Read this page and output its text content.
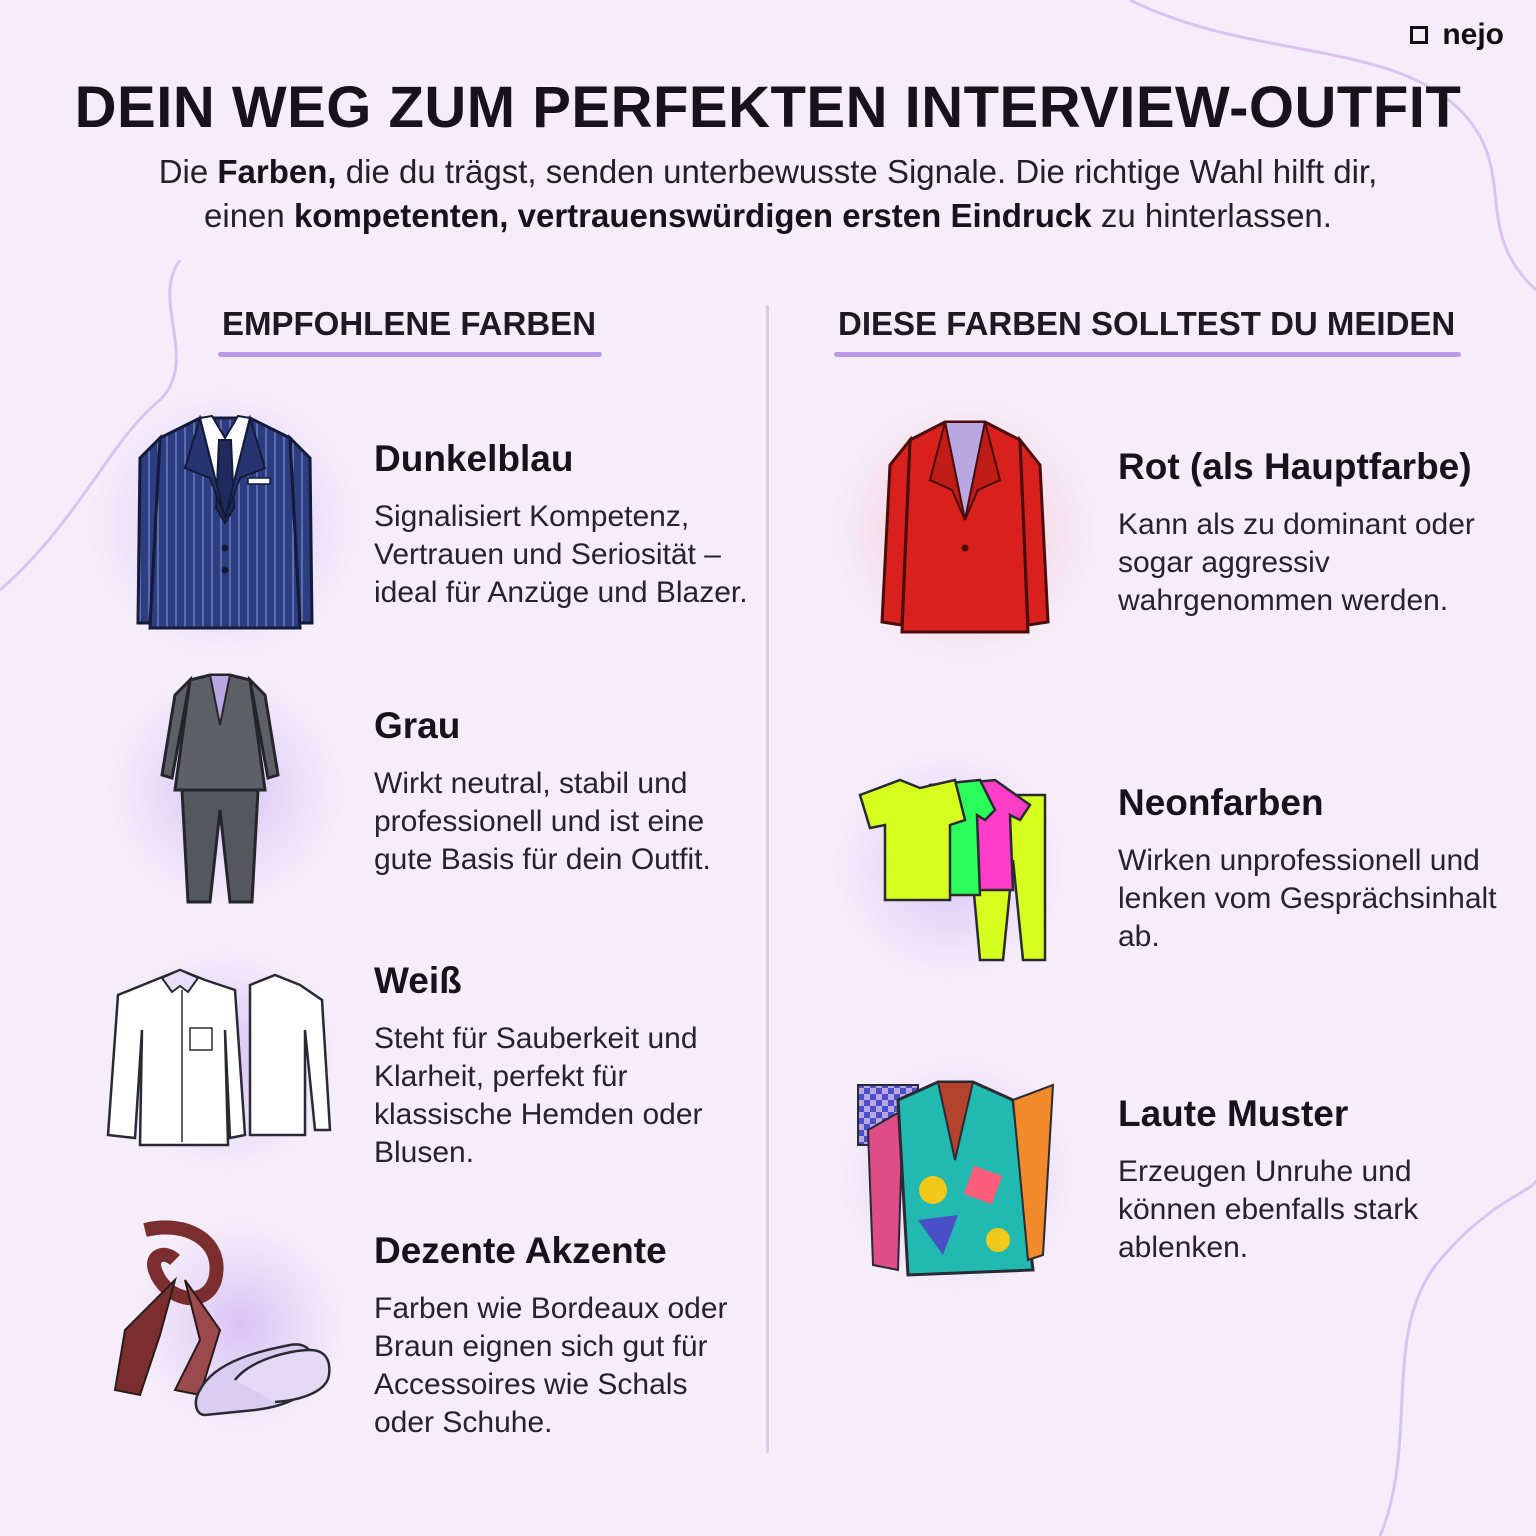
nejo
DEIN WEG ZUM PERFEKTEN INTERVIEW-OUTFIT

Die Farben, die du trägst, senden unterbewusste Signale. Die richtige Wahl hilft dir,
einen kompetenten, vertrauenswürdigen ersten Eindruck zu hinterlassen.

EMPFOHLENE FARBEN	DIESE FARBEN SOLLTEST DU MEIDEN

Dunkelblau

Signalisiert Kompetenz, Vertrauen und Seriosität – ideal für Anzüge und Blazer.

Grau

Wirkt neutral, stabil und professionell und ist eine gute Basis für dein Outfit.

Weiß

Steht für Sauberkeit und Klarheit, perfekt für klassische Hemden oder Blusen.

Dezente Akzente

Farben wie Bordeaux oder Braun eignen sich gut für Accessoires wie Schals oder Schuhe.

Rot (als Hauptfarbe)

Kann als zu dominant oder sogar aggressiv wahrgenommen werden.

Neonfarben

Wirken unprofessionell und lenken vom Gesprächsinhalt ab.

Laute Muster

Erzeugen Unruhe und können ebenfalls stark ablenken.
